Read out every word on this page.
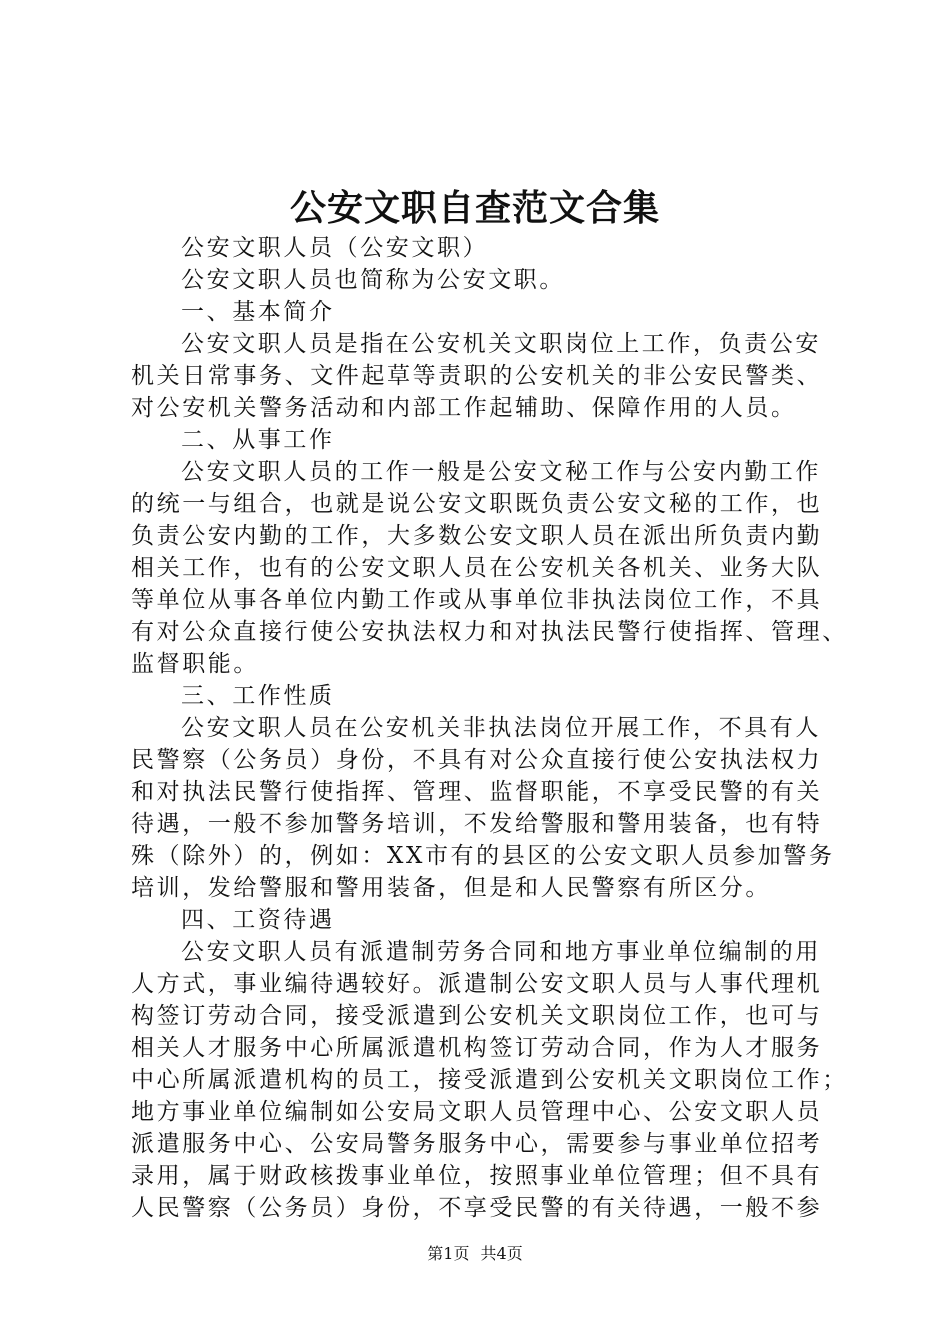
公安文职自查范文合集

公安文职人员（公安文职）

公安文职人员也简称为公安文职。

一、基本简介

公安文职人员是指在公安机关文职岗位上工作，负责公安
机关日常事务、文件起草等责职的公安机关的非公安民警类、
对公安机关警务活动和内部工作起辅助、保障作用的人员。

二、从事工作

公安文职人员的工作一般是公安文秘工作与公安内勤工作
的统一与组合，也就是说公安文职既负责公安文秘的工作，也
负责公安内勤的工作，大多数公安文职人员在派出所负责内勤
相关工作，也有的公安文职人员在公安机关各机关、业务大队
等单位从事各单位内勤工作或从事单位非执法岗位工作，不具
有对公众直接行使公安执法权力和对执法民警行使指挥、管理、
监督职能。

三、工作性质

公安文职人员在公安机关非执法岗位开展工作，不具有人
民警察（公务员）身份，不具有对公众直接行使公安执法权力
和对执法民警行使指挥、管理、监督职能，不享受民警的有关
待遇，一般不参加警务培训，不发给警服和警用装备，也有特
殊（除外）的，例如：XX市有的县区的公安文职人员参加警务
培训，发给警服和警用装备，但是和人民警察有所区分。

四、工资待遇

公安文职人员有派遣制劳务合同和地方事业单位编制的用
人方式，事业编待遇较好。派遣制公安文职人员与人事代理机
构签订劳动合同，接受派遣到公安机关文职岗位工作，也可与
相关人才服务中心所属派遣机构签订劳动合同，作为人才服务
中心所属派遣机构的员工，接受派遣到公安机关文职岗位工作；
地方事业单位编制如公安局文职人员管理中心、公安文职人员
派遣服务中心、公安局警务服务中心，需要参与事业单位招考
录用，属于财政核拨事业单位，按照事业单位管理；但不具有
人民警察（公务员）身份，不享受民警的有关待遇，一般不参

第1页 共4页
